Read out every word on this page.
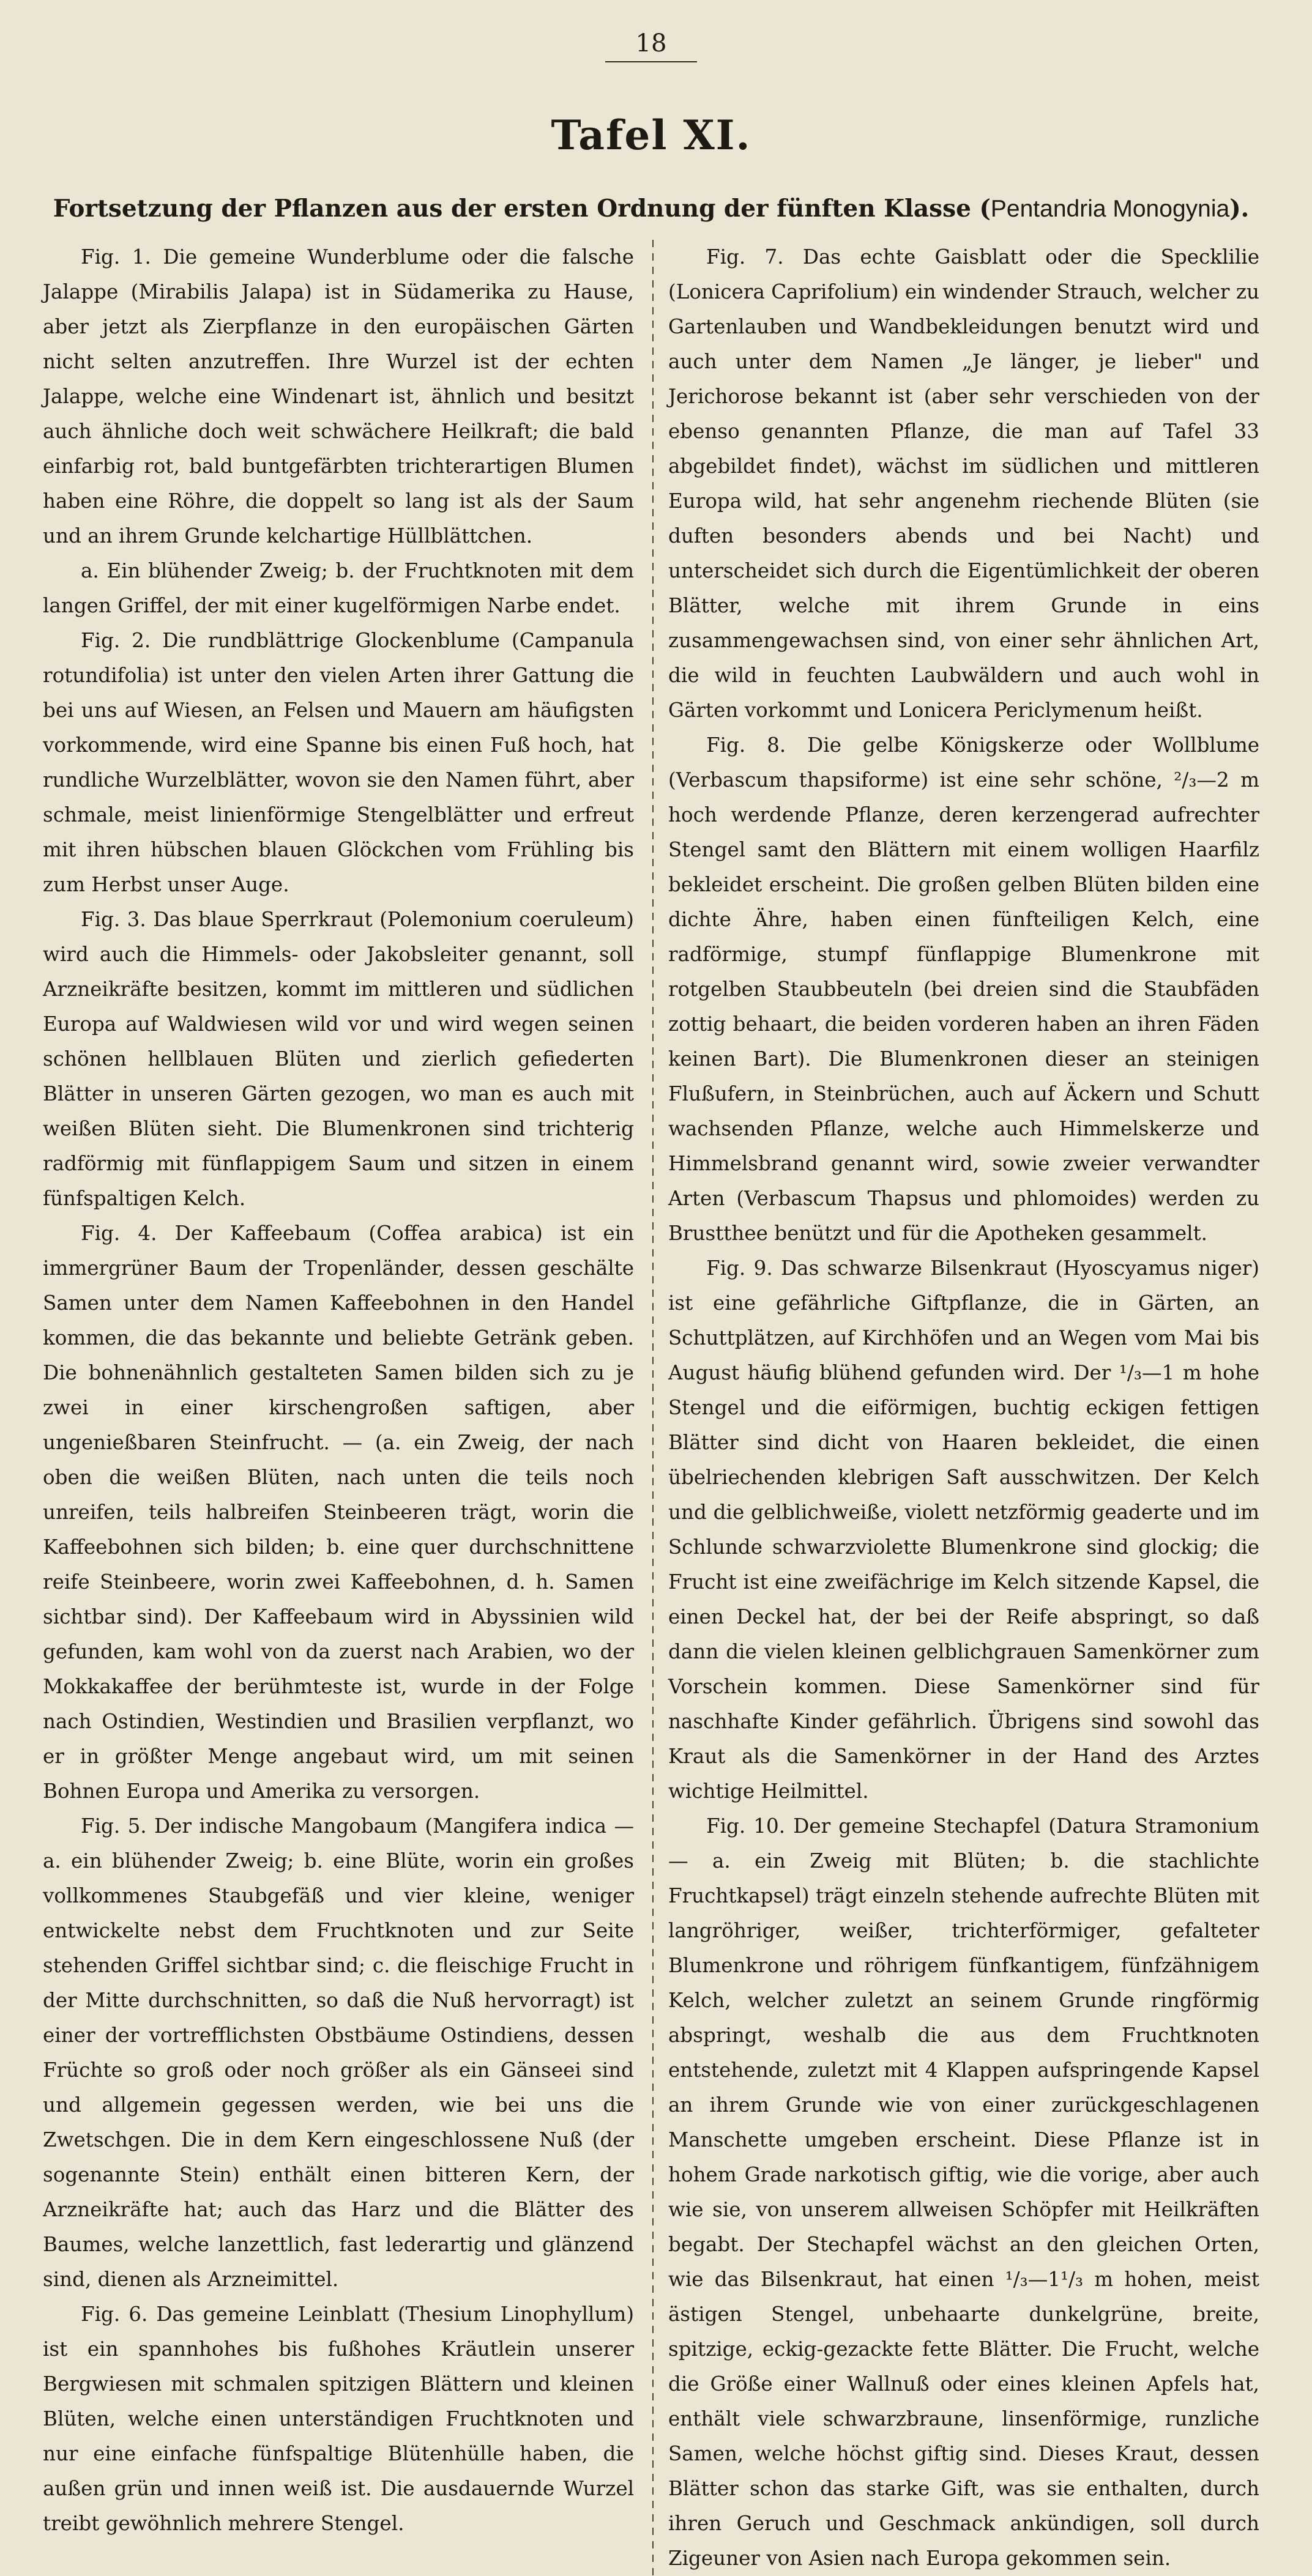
18
Tafel XI.
Fortsetzung der Pflanzen aus der ersten Ordnung der fünften Klasse (Pentandria Monogynia).

Fig. 1. Die gemeine Wunderblume oder die falsche Jalappe (Mirabilis Jalapa) ist in Südamerika zu Hause, aber jetzt als Zierpflanze in den europäischen Gärten nicht selten anzutreffen. Ihre Wurzel ist der echten Jalappe, welche eine Windenart ist, ähnlich und besitzt auch ähnliche doch weit schwächere Heilkraft; die bald einfarbig rot, bald buntgefärbten trichterartigen Blumen haben eine Röhre, die doppelt so lang ist als der Saum und an ihrem Grunde kelchartige Hüllblättchen.

a. Ein blühender Zweig; b. der Fruchtknoten mit dem langen Griffel, der mit einer kugelförmigen Narbe endet.

Fig. 2. Die rundblättrige Glockenblume (Campanula rotundifolia) ist unter den vielen Arten ihrer Gattung die bei uns auf Wiesen, an Felsen und Mauern am häufigsten vorkommende, wird eine Spanne bis einen Fuß hoch, hat rundliche Wurzelblätter, wovon sie den Namen führt, aber schmale, meist linienförmige Stengelblätter und erfreut mit ihren hübschen blauen Glöckchen vom Frühling bis zum Herbst unser Auge.

Fig. 3. Das blaue Sperrkraut (Polemonium coeruleum) wird auch die Himmels- oder Jakobsleiter genannt, soll Arzneikräfte besitzen, kommt im mittleren und südlichen Europa auf Waldwiesen wild vor und wird wegen seinen schönen hellblauen Blüten und zierlich gefiederten Blätter in unseren Gärten gezogen, wo man es auch mit weißen Blüten sieht. Die Blumenkronen sind trichterig radförmig mit fünflappigem Saum und sitzen in einem fünfspaltigen Kelch.

Fig. 4. Der Kaffeebaum (Coffea arabica) ist ein immergrüner Baum der Tropenländer, dessen geschälte Samen unter dem Namen Kaffeebohnen in den Handel kommen, die das bekannte und beliebte Getränk geben. Die bohnenähnlich gestalteten Samen bilden sich zu je zwei in einer kirschengroßen saftigen, aber ungenießbaren Steinfrucht. — (a. ein Zweig, der nach oben die weißen Blüten, nach unten die teils noch unreifen, teils halbreifen Steinbeeren trägt, worin die Kaffeebohnen sich bilden; b. eine quer durchschnittene reife Steinbeere, worin zwei Kaffeebohnen, d. h. Samen sichtbar sind). Der Kaffeebaum wird in Abyssinien wild gefunden, kam wohl von da zuerst nach Arabien, wo der Mokkakaffee der berühmteste ist, wurde in der Folge nach Ostindien, Westindien und Brasilien verpflanzt, wo er in größter Menge angebaut wird, um mit seinen Bohnen Europa und Amerika zu versorgen.

Fig. 5. Der indische Mangobaum (Mangifera indica — a. ein blühender Zweig; b. eine Blüte, worin ein großes vollkommenes Staubgefäß und vier kleine, weniger entwickelte nebst dem Fruchtknoten und zur Seite stehenden Griffel sichtbar sind; c. die fleischige Frucht in der Mitte durchschnitten, so daß die Nuß hervorragt) ist einer der vortrefflichsten Obstbäume Ostindiens, dessen Früchte so groß oder noch größer als ein Gänseei sind und allgemein gegessen werden, wie bei uns die Zwetschgen. Die in dem Kern eingeschlossene Nuß (der sogenannte Stein) enthält einen bitteren Kern, der Arzneikräfte hat; auch das Harz und die Blätter des Baumes, welche lanzettlich, fast lederartig und glänzend sind, dienen als Arzneimittel.

Fig. 6. Das gemeine Leinblatt (Thesium Linophyllum) ist ein spannhohes bis fußhohes Kräutlein unserer Bergwiesen mit schmalen spitzigen Blättern und kleinen Blüten, welche einen unterständigen Fruchtknoten und nur eine einfache fünfspaltige Blütenhülle haben, die außen grün und innen weiß ist. Die ausdauernde Wurzel treibt gewöhnlich mehrere Stengel.

Fig. 7. Das echte Gaisblatt oder die Specklilie (Lonicera Caprifolium) ein windender Strauch, welcher zu Gartenlauben und Wandbekleidungen benutzt wird und auch unter dem Namen „Je länger, je lieber" und Jerichorose bekannt ist (aber sehr verschieden von der ebenso genannten Pflanze, die man auf Tafel 33 abgebildet findet), wächst im südlichen und mittleren Europa wild, hat sehr angenehm riechende Blüten (sie duften besonders abends und bei Nacht) und unterscheidet sich durch die Eigentümlichkeit der oberen Blätter, welche mit ihrem Grunde in eins zusammengewachsen sind, von einer sehr ähnlichen Art, die wild in feuchten Laubwäldern und auch wohl in Gärten vorkommt und Lonicera Periclymenum heißt.

Fig. 8. Die gelbe Königskerze oder Wollblume (Verbascum thapsiforme) ist eine sehr schöne, ²/₃—2 m hoch werdende Pflanze, deren kerzengerad aufrechter Stengel samt den Blättern mit einem wolligen Haarfilz bekleidet erscheint. Die großen gelben Blüten bilden eine dichte Ähre, haben einen fünfteiligen Kelch, eine radförmige, stumpf fünflappige Blumenkrone mit rotgelben Staubbeuteln (bei dreien sind die Staubfäden zottig behaart, die beiden vorderen haben an ihren Fäden keinen Bart). Die Blumenkronen dieser an steinigen Flußufern, in Steinbrüchen, auch auf Äckern und Schutt wachsenden Pflanze, welche auch Himmelskerze und Himmelsbrand genannt wird, sowie zweier verwandter Arten (Verbascum Thapsus und phlomoides) werden zu Brustthee benützt und für die Apotheken gesammelt.

Fig. 9. Das schwarze Bilsenkraut (Hyoscyamus niger) ist eine gefährliche Giftpflanze, die in Gärten, an Schuttplätzen, auf Kirchhöfen und an Wegen vom Mai bis August häufig blühend gefunden wird. Der ¹/₃—1 m hohe Stengel und die eiförmigen, buchtig eckigen fettigen Blätter sind dicht von Haaren bekleidet, die einen übelriechenden klebrigen Saft ausschwitzen. Der Kelch und die gelblichweiße, violett netzförmig geaderte und im Schlunde schwarzviolette Blumenkrone sind glockig; die Frucht ist eine zweifächrige im Kelch sitzende Kapsel, die einen Deckel hat, der bei der Reife abspringt, so daß dann die vielen kleinen gelblichgrauen Samenkörner zum Vorschein kommen. Diese Samenkörner sind für naschhafte Kinder gefährlich. Übrigens sind sowohl das Kraut als die Samenkörner in der Hand des Arztes wichtige Heilmittel.

Fig. 10. Der gemeine Stechapfel (Datura Stramonium — a. ein Zweig mit Blüten; b. die stachlichte Fruchtkapsel) trägt einzeln stehende aufrechte Blüten mit langröhriger, weißer, trichterförmiger, gefalteter Blumenkrone und röhrigem fünfkantigem, fünfzähnigem Kelch, welcher zuletzt an seinem Grunde ringförmig abspringt, weshalb die aus dem Fruchtknoten entstehende, zuletzt mit 4 Klappen aufspringende Kapsel an ihrem Grunde wie von einer zurückgeschlagenen Manschette umgeben erscheint. Diese Pflanze ist in hohem Grade narkotisch giftig, wie die vorige, aber auch wie sie, von unserem allweisen Schöpfer mit Heilkräften begabt. Der Stechapfel wächst an den gleichen Orten, wie das Bilsenkraut, hat einen ¹/₃—1¹/₃ m hohen, meist ästigen Stengel, unbehaarte dunkelgrüne, breite, spitzige, eckig-gezackte fette Blätter. Die Frucht, welche die Größe einer Wallnuß oder eines kleinen Apfels hat, enthält viele schwarzbraune, linsenförmige, runzliche Samen, welche höchst giftig sind. Dieses Kraut, dessen Blätter schon das starke Gift, was sie enthalten, durch ihren Geruch und Geschmack ankündigen, soll durch Zigeuner von Asien nach Europa gekommen sein.
